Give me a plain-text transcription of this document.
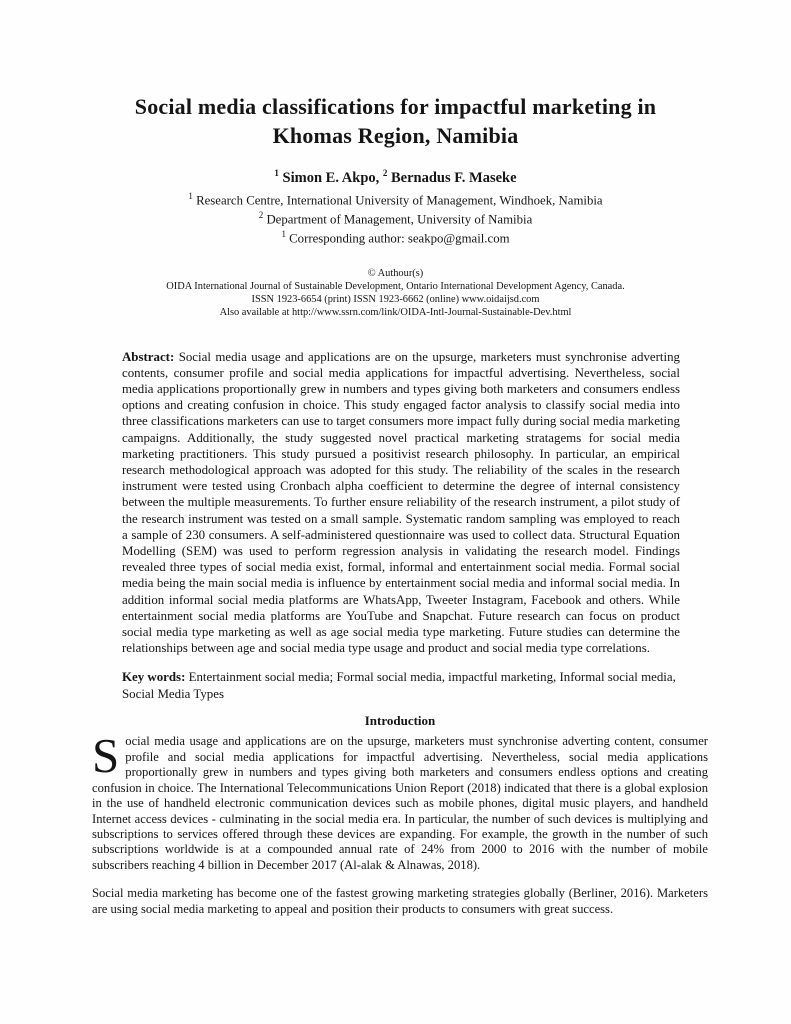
Social media classifications for impactful marketing in
Khomas Region, Namibia
$^1$ Simon E. Akpo, $^2$ Bernadus F. Maseke
$^1$ Research Centre, International University of Management, Windhoek, Namibia
$^2$ Department of Management, University of Namibia
$^1$ Corresponding author: seakpo@gmail.com
© Authour(s)
OIDA International Journal of Sustainable Development, Ontario International Development Agency, Canada.
ISSN 1923-6654 (print) ISSN 1923-6662 (online) www.oidaijsd.com
Also available at http://www.ssrn.com/link/OIDA-Intl-Journal-Sustainable-Dev.html

Abstract: Social media usage and applications are on the upsurge, marketers must synchronise adverting contents, consumer profile and social media applications for impactful advertising. Nevertheless, social media applications proportionally grew in numbers and types giving both marketers and consumers endless options and creating confusion in choice. This study engaged factor analysis to classify social media into three classifications marketers can use to target consumers more impact fully during social media marketing campaigns. Additionally, the study suggested novel practical marketing stratagems for social media marketing practitioners. This study pursued a positivist research philosophy. In particular, an empirical research methodological approach was adopted for this study. The reliability of the scales in the research instrument were tested using Cronbach alpha coefficient to determine the degree of internal consistency between the multiple measurements. To further ensure reliability of the research instrument, a pilot study of the research instrument was tested on a small sample. Systematic random sampling was employed to reach a sample of 230 consumers. A self-administered questionnaire was used to collect data. Structural Equation Modelling (SEM) was used to perform regression analysis in validating the research model. Findings revealed three types of social media exist, formal, informal and entertainment social media. Formal social media being the main social media is influence by entertainment social media and informal social media. In addition informal social media platforms are WhatsApp, Tweeter Instagram, Facebook and others. While entertainment social media platforms are YouTube and Snapchat. Future research can focus on product social media type marketing as well as age social media type marketing. Future studies can determine the relationships between age and social media type usage and product and social media type correlations.

Key words: Entertainment social media; Formal social media, impactful marketing, Informal social media, Social Media Types

Introduction

Social media usage and applications are on the upsurge, marketers must synchronise adverting content, consumer profile and social media applications for impactful advertising. Nevertheless, social media applications proportionally grew in numbers and types giving both marketers and consumers endless options and creating confusion in choice. The International Telecommunications Union Report (2018) indicated that there is a global explosion in the use of handheld electronic communication devices such as mobile phones, digital music players, and handheld Internet access devices - culminating in the social media era. In particular, the number of such devices is multiplying and subscriptions to services offered through these devices are expanding. For example, the growth in the number of such subscriptions worldwide is at a compounded annual rate of 24% from 2000 to 2016 with the number of mobile subscribers reaching 4 billion in December 2017 (Al-alak & Alnawas, 2018).

Social media marketing has become one of the fastest growing marketing strategies globally (Berliner, 2016). Marketers are using social media marketing to appeal and position their products to consumers with great success.
